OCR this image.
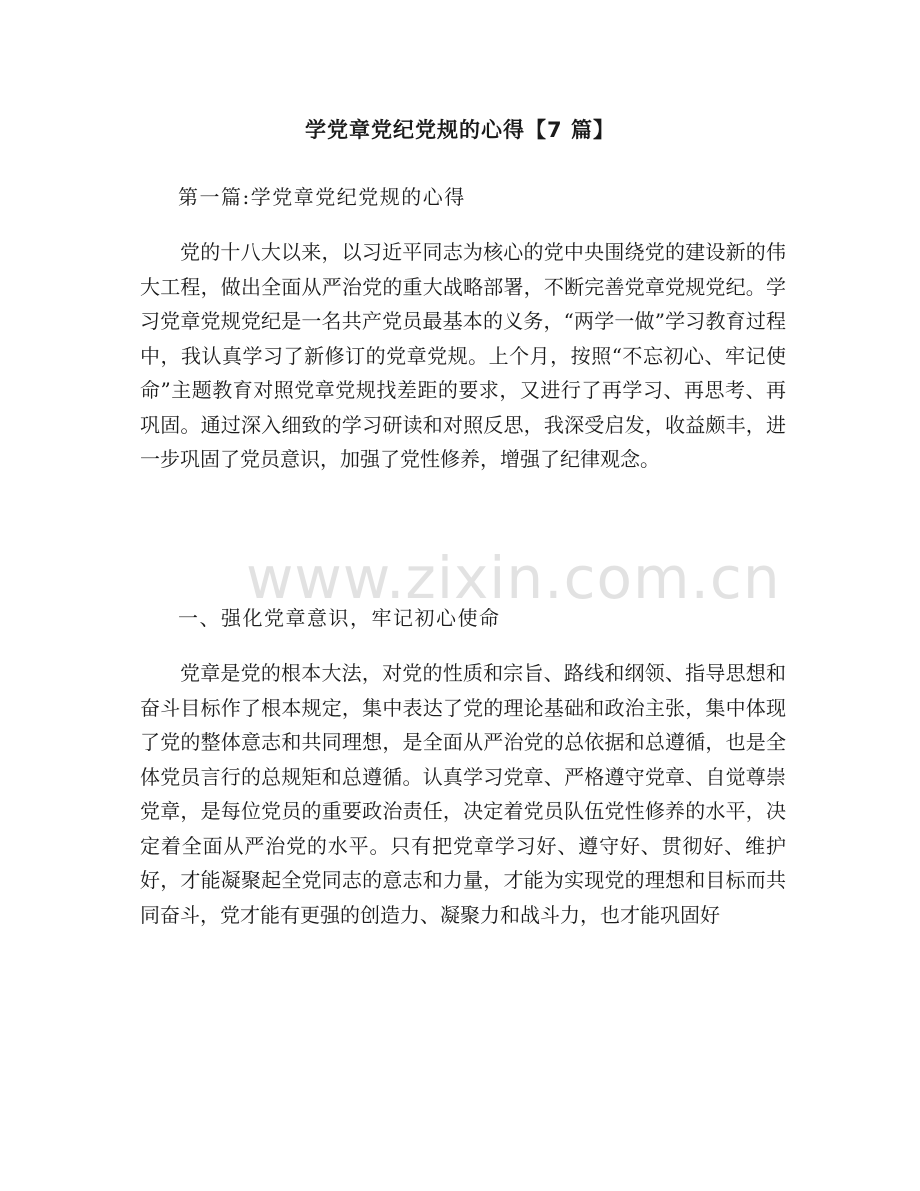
学党章党纪党规的心得【7 篇】
第一篇:学党章党纪党规的心得

党的十八大以来，以习近平同志为核心的党中央围绕党的建设新的伟大工程，做出全面从严治党的重大战略部署，不断完善党章党规党纪。学习党章党规党纪是一名共产党员最基本的义务，“两学一做”学习教育过程中，我认真学习了新修订的党章党规。上个月，按照“不忘初心、牢记使命”主题教育对照党章党规找差距的要求，又进行了再学习、再思考、再巩固。通过深入细致的学习研读和对照反思，我深受启发，收益颇丰，进一步巩固了党员意识，加强了党性修养，增强了纪律观念。

一、强化党章意识，牢记初心使命

党章是党的根本大法，对党的性质和宗旨、路线和纲领、指导思想和奋斗目标作了根本规定，集中表达了党的理论基础和政治主张，集中体现了党的整体意志和共同理想，是全面从严治党的总依据和总遵循，也是全体党员言行的总规矩和总遵循。认真学习党章、严格遵守党章、自觉尊崇党章，是每位党员的重要政治责任，决定着党员队伍党性修养的水平，决定着全面从严治党的水平。只有把党章学习好、遵守好、贯彻好、维护好，才能凝聚起全党同志的意志和力量，才能为实现党的理想和目标而共同奋斗，党才能有更强的创造力、凝聚力和战斗力，也才能巩固好

www.zixin.com.cn
